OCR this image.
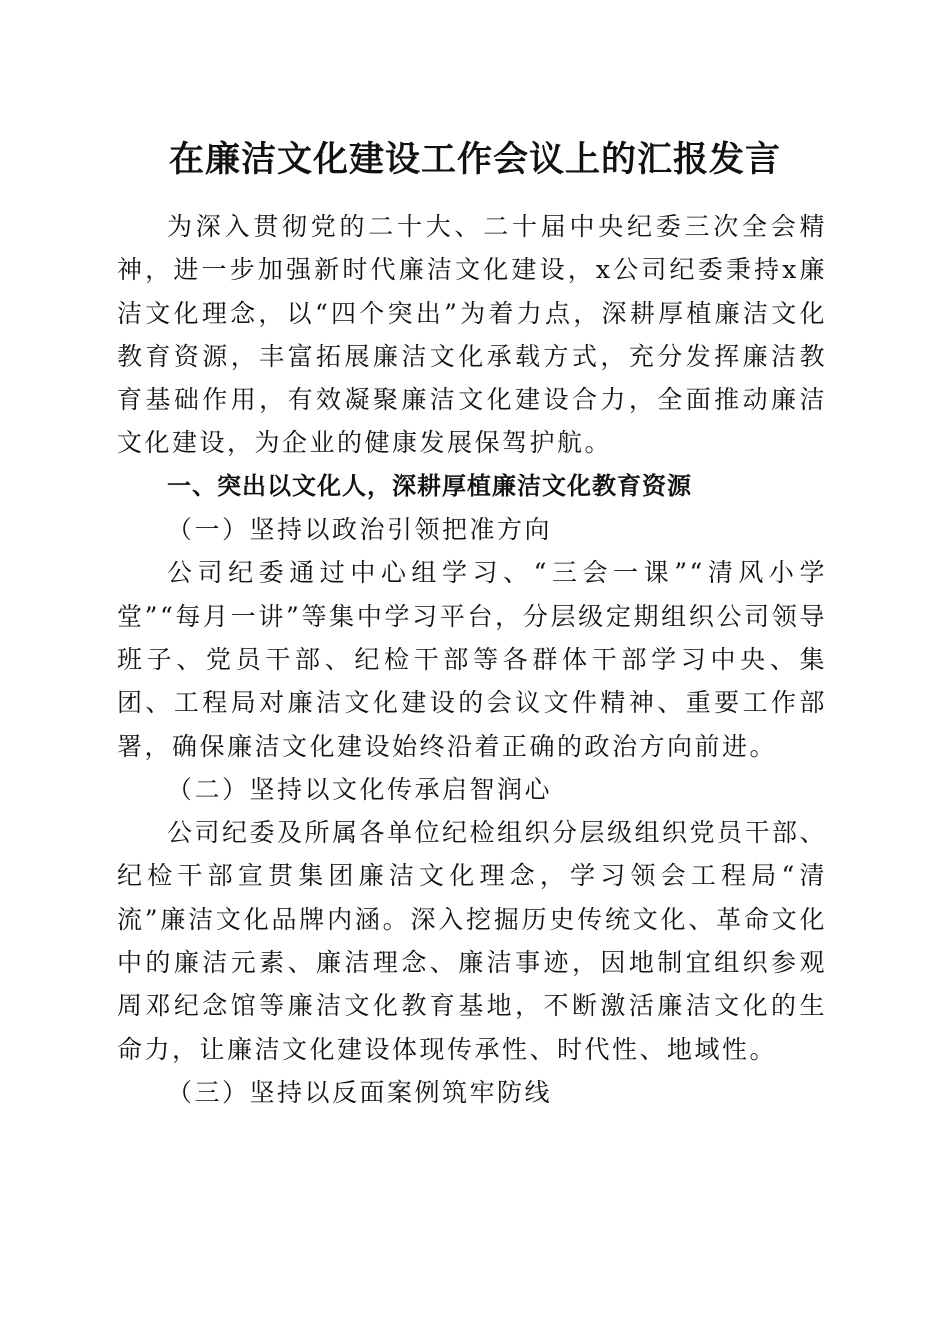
在廉洁文化建设工作会议上的汇报发言

为深入贯彻党的二十大、二十届中央纪委三次全会精神，进一步加强新时代廉洁文化建设，x公司纪委秉持x廉洁文化理念，以“四个突出”为着力点，深耕厚植廉洁文化教育资源，丰富拓展廉洁文化承载方式，充分发挥廉洁教育基础作用，有效凝聚廉洁文化建设合力，全面推动廉洁文化建设，为企业的健康发展保驾护航。

一、突出以文化人，深耕厚植廉洁文化教育资源

（一）坚持以政治引领把准方向

公司纪委通过中心组学习、“三会一课”“清风小学堂”“每月一讲”等集中学习平台，分层级定期组织公司领导班子、党员干部、纪检干部等各群体干部学习中央、集团、工程局对廉洁文化建设的会议文件精神、重要工作部署，确保廉洁文化建设始终沿着正确的政治方向前进。

（二）坚持以文化传承启智润心

公司纪委及所属各单位纪检组织分层级组织党员干部、纪检干部宣贯集团廉洁文化理念，学习领会工程局“清流”廉洁文化品牌内涵。深入挖掘历史传统文化、革命文化中的廉洁元素、廉洁理念、廉洁事迹，因地制宜组织参观周邓纪念馆等廉洁文化教育基地，不断激活廉洁文化的生命力，让廉洁文化建设体现传承性、时代性、地域性。

（三）坚持以反面案例筑牢防线
